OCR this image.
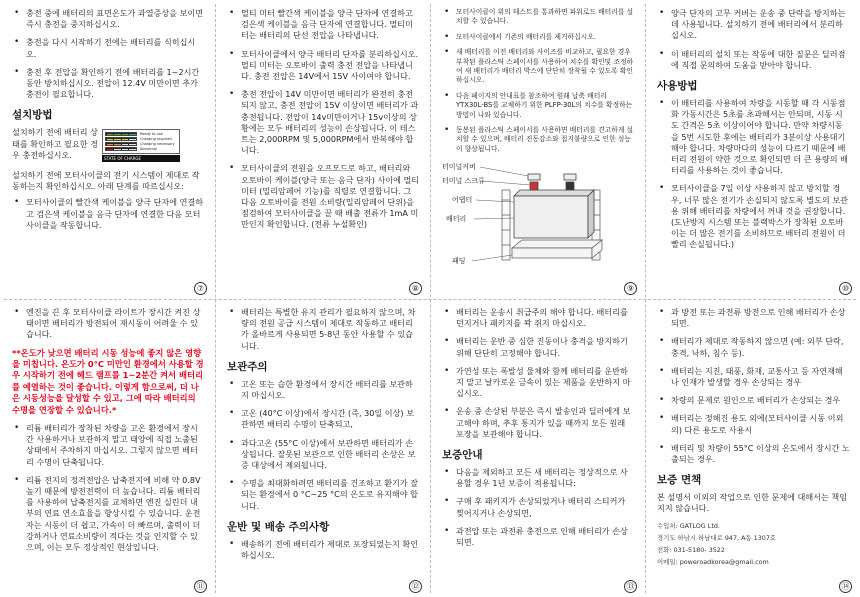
• 충전 중에 배터리의 표면온도가 과열증상을 보이면 즉시 충전을 중지하십시오.
• 충전을 다시 시작하기 전에는 배터리를 식히십시오.
• 충전 후 전압을 확인하기 전에 배터리를 1~2시간 동안 방치하십시오. 전압이 12.4V 미만이면 추가 충전이 필요합니다.
설치방법

설치하기 전에 배터리 상태를 확인하고 필요한 경우 충전하십시오.

Ready to use
Charging required
Charging necessary
Abnormal
STATE OF CHARGE

설치하기 전에 모터사이클의 전기 시스템이 제대로 작동하는지 확인하십시오. 아래 단계를 따르십시오:

• 모터사이클의 빨간색 케이블을 양극 단자에 연결하고 검은색 케이블을 음극 단자에 연결한 다음 모터사이클을 작동합니다.
⑦
• 멀티 미터 빨간색 케이블을 양극 단자에 연결하고 검은색 케이블을 음극 단자에 연결합니다. 멀티미터는 배터리의 단선 전압을 나타냅니다.
• 모터사이클에서 양극 배터리 단자를 분리하십시오. 멀티 미터는 오토바이 출력 충전 전압을 나타냅니다. 충전 전압은 14V에서 15V 사이여야 합니다.
• 충전 전압이 14V 미만이면 배터리가 완전히 충전되지 않고, 충전 전압이 15V 이상이면 배터리가 과 충전됩니다. 전압이 14v미만이거나 15v이상의 상황에는 모두 배터리의 성능이 손상됩니다. 이 테스트는 2,000RPM 및 5,000RPM에서 반복해야 합니다.
• 모터사이클의 전원을 오프모드로 하고, 배터리와 오토바이 케이블(양극 또는 음극 단자) 사이에 멀티미터 (밀리암페어 기능)를 직렬로 연결합니다. 그 다음 오토바이를 전원 소비량(밀리암페어 단위)을 점검하여 모터사이클을 끌 때 배출 전류가 1mA 미만인지 확인합니다. (전류 누설확인)
⑧
• 모터사이클이 위의 테스트를 통과하면 파워로드 배터리를 설치할 수 있습니다.
• 모터사이클에서 기존의 배터리를 제거하십시오.
• 새 배터리를 이전 배터리와 사이즈를 비교하고, 필요한 경우 부착된 플라스틱 스페이서를 사용하여 치수를 확인및 조정하여 새 배터리가 배터리 박스에 단단히 장착될 수 있도록 확인하십시오.
• 다음 페이지의 안내표를 참조하여 원래 납축 배터리 YTX30L-BS를 교체하기 위한 PLFP-30L의 치수를 확정하는 방법이 나와 있습니다.
• 동봉된 플라스틱 스페이서를 사용하면 배터리를 견고하게 설치할 수 있으며, 배터리 진동감소와 접지불량으로 인한 성능이 향상됩니다.
터미널커버
터미널 스크류
어댑터
배터리
패딩
⑨
• 양극 단자의 고무 커버는 운송 중 단락을 방지하는 데 사용됩니다. 설치하기 전에 배터리에서 분리하십시오.
• 이 배터리의 설치 또는 작동에 대한 질문은 딜러점에 직접 문의하여 도움을 받아야 합니다.
사용방법
• 이 배터리를 사용하여 차량을 시동할 때 각 시동점화 가동시간은 5초를 초과해서는 안되며, 시동 시도 간격은 5초 이상이어야 합니다. 만약 차량시동을 5번 시도한 후에는 배터리가 3분이상 사용대기해야 합니다. 차량마다의 성능이 다르기 때문에 배터리 전원이 약한 것으로 확인되면 더 큰 용량의 배터리를 사용하는 것이 좋습니다.
• 모터사이클을 7일 이상 사용하지 않고 방치할 경우, 너무 많은 전기가 손실되지 않도록 별도의 보관용 위해 배터리를 차량에서 꺼내 것을 권장합니다. (도난방지 시스템 또는 블랙박스가 장착된 오토바이는 더 많은 전기를 소비하므로 배터리 전원이 더 빨리 손실됩니다.)
⑩
• 엔진을 끈 후 모터사이클 라이트가 장시간 켜진 상태이면 배터리가 방전되어 재시동이 어려울 수 있습니다.

**온도가 낮으면 배터리 시동 성능에 좋지 않은 영향을 미칩니다. 온도가 0°C 미만인 환경에서 사용할 경우 시작하기 전에 헤드 램프를 1~2분간 켜서 배터리를 예열하는 것이 좋습니다. 이렇게 함으로써, 더 나은 시동성능을 달성할 수 있고, 그에 따라 배터리의 수명을 연장할 수 있습니다.*

• 리튬 배터리가 장착된 차량을 고온 환경에서 장시간 사용하거나 보관하지 말고 태양에 직접 노출된 상태에서 주차하지 마십시오. 그렇지 않으면 배터리 수명이 단축됩니다.
• 리튬 전지의 정격전압은 납축전지에 비해 약 0.8V 높기 때문에 방전전력이 더 높습니다. 리튬 배터리를 사용하여 납축전지를 교체하면 엔진 실린더 내부의 연료 연소효율을 향상시킬 수 있습니다. 운전자는 시동이 더 쉽고, 가속이 더 빠르며, 출력이 더 강하거나 연료소비량이 적다는 것을 인지할 수 있으며, 이는 모두 정상적인 현상입니다.
⑪
• 배터리는 특별한 유지 관리가 필요하지 않으며, 차량의 전원 공급 시스템이 제대로 작동하고 배터리가 올바르게 사용되면 5-8년 동안 사용할 수 있습니다.
보관주의
• 고온 또는 습한 환경에서 장시간 배터리를 보관하지 마십시오.
• 고온 (40°C 이상)에서 장시간 (즉, 30일 이상) 보관하면 배터리 수명이 단축되고,
• 과다고온 (55°C 이상)에서 보관하면 배터리가 손상됩니다. 잘못된 보관으로 인한 배터리 손상은 보증 대상에서 제외됩니다.
• 수명을 최대화하려면 배터리를 건조하고 환기가 잘 되는 환경에서 0 °C~25 °C의 온도로 유지해야 합니다.
운반 및 배송 주의사항
• 배송하기 전에 배터리가 제대로 포장되었는지 확인하십시오.
⑫
• 배터리는 운송시 취급주의 해야 합니다. 배터리를 던지거나 패키지를 꽉 쥐지 마십시오.
• 배터리는 운반 중 심한 진동이나 충격을 방지하기 위해 단단히 고정해야 합니다.
• 가연성 또는 폭발성 물체와 함께 배터리를 운반하지 말고 날카로운 금속이 있는 제품을 운반하지 마십시오.
• 운송 중 손상된 부분은 즉시 발송인과 딜러에게 보고해야 하며, 추후 통지가 있을 때까지 모든 원래 포장을 보관해야 합니다.
보증안내
• 다음을 제외하고 모든 새 배터리는 정상적으로 사용할 경우 1년 보증이 적용됩니다:
• 구매 후 패키지가 손상되었거나 배터리 스티커가 찢어지거나 손상되면,
• 과전압 또는 과전류 충전으로 인해 배터리가 손상되면.
⑬
• 과 방전 또는 과전류 방전으로 인해 배터리가 손상되면.
• 배터리가 제대로 작동하지 않으면 (예: 외부 단락, 충격, 낙하, 침수 등).
• 배터리는 지진, 태풍, 화재, 교통사고 등 자연재해나 인재가 발생할 경우 손상되는 경우
• 차량의 문제로 원인으로 배터리가 손상되는 경우
• 배터리는 정해진 용도 외에(모터사이클 시동 이외의) 다른 용도로 사용시
• 배터리 및 차량이 55°C 이상의 온도에서 장시간 노출되는 경우.
보증 면책

본 설명서 이외의 작업으로 인한 문제에 대해서는 책임지지 않습니다.

수입처: GATLOG Ltd.
경기도 하남시 하남대로 947, A동 1307호
전화: 031-5180- 3522
이메일: poweroadkorea@gmail.com
⑭
